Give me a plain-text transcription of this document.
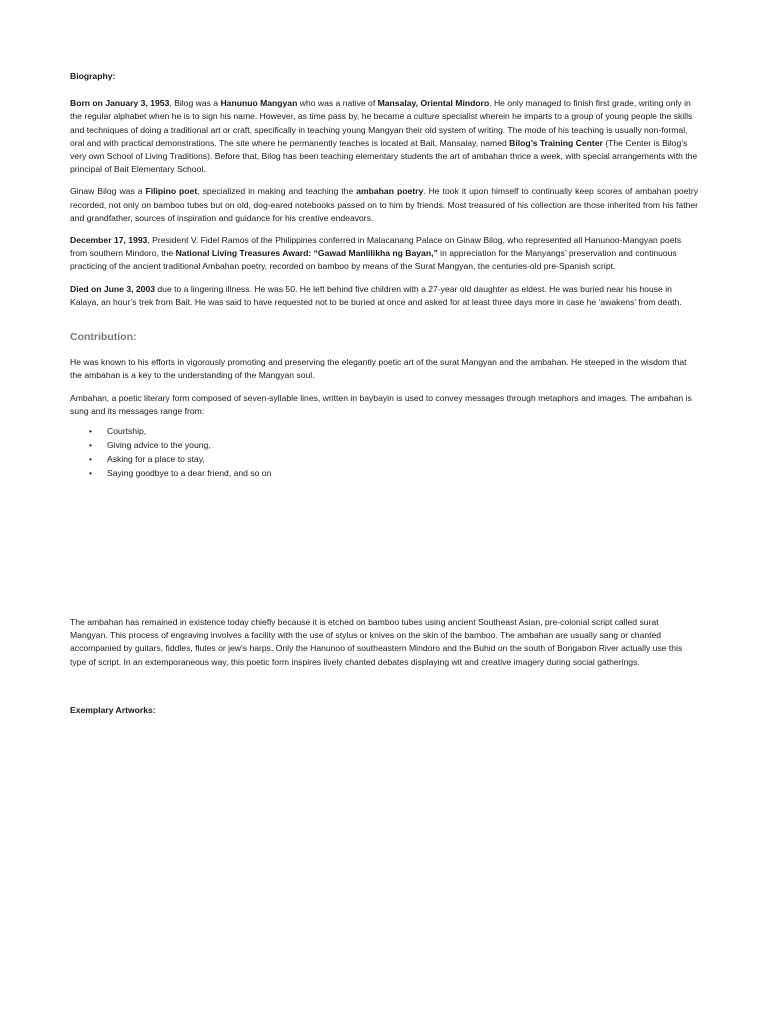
Biography:

Born on January 3, 1953, Bilog was a Hanunuo Mangyan who was a native of Mansalay, Oriental Mindoro. He only managed to finish first grade, writing only in the regular alphabet when he is to sign his name. However, as time pass by, he became a culture specialist wherein he imparts to a group of young people the skills and techniques of doing a traditional art or craft, specifically in teaching young Mangyan their old system of writing. The mode of his teaching is usually non-formal, oral and with practical demonstrations. The site where he permanently teaches is located at Bait, Mansalay, named Bilog’s Training Center (The Center is Bilog’s very own School of Living Traditions). Before that, Bilog has been teaching elementary students the art of ambahan thrice a week, with special arrangements with the principal of Bait Elementary School.

Ginaw Bilog was a Filipino poet, specialized in making and teaching the ambahan poetry. He took it upon himself to continually keep scores of ambahan poetry recorded, not only on bamboo tubes but on old, dog-eared notebooks passed on to him by friends. Most treasured of his collection are those inherited from his father and grandfather, sources of inspiration and guidance for his creative endeavors.

December 17, 1993, President V. Fidel Ramos of the Philippines conferred in Malacanang Palace on Ginaw Bilog, who represented all Hanunoo-Mangyan poets from southern Mindoro, the National Living Treasures Award: “Gawad Manlilikha ng Bayan,” in appreciation for the Manyangs’ preservation and continuous practicing of the ancient traditional Ambahan poetry, recorded on bamboo by means of the Surat Mangyan, the centuries-old pre-Spanish script.

Died on June 3, 2003 due to a lingering illness. He was 50. He left behind five children with a 27-year old daughter as eldest. He was buried near his house in Kalaya, an hour’s trek from Bait. He was said to have requested not to be buried at once and asked for at least three days more in case he ‘awakens’ from death.

Contribution:

He was known to his efforts in vigorously promoting and preserving the elegantly poetic art of the surat Mangyan and the ambahan. He steeped in the wisdom that the ambahan is a key to the understanding of the Mangyan soul.

Ambahan, a poetic literary form composed of seven-syllable lines, written in baybayin is used to convey messages through metaphors and images. The ambahan is sung and its messages range from:

• Courtship,
• Giving advice to the young,
• Asking for a place to stay,
• Saying goodbye to a dear friend, and so on

The ambahan has remained in existence today chiefly because it is etched on bamboo tubes using ancient Southeast Asian, pre-colonial script called surat Mangyan. This process of engraving involves a facility with the use of stylus or knives on the skin of the bamboo. The ambahan are usually sang or chanted accompanied by guitars, fiddles, flutes or jew’s harps. Only the Hanunoo of southeastern Mindoro and the Buhid on the south of Bongabon River actually use this type of script. In an extemporaneous way, this poetic form inspires lively chanted debates displaying wit and creative imagery during social gatherings.

Exemplary Artworks:
